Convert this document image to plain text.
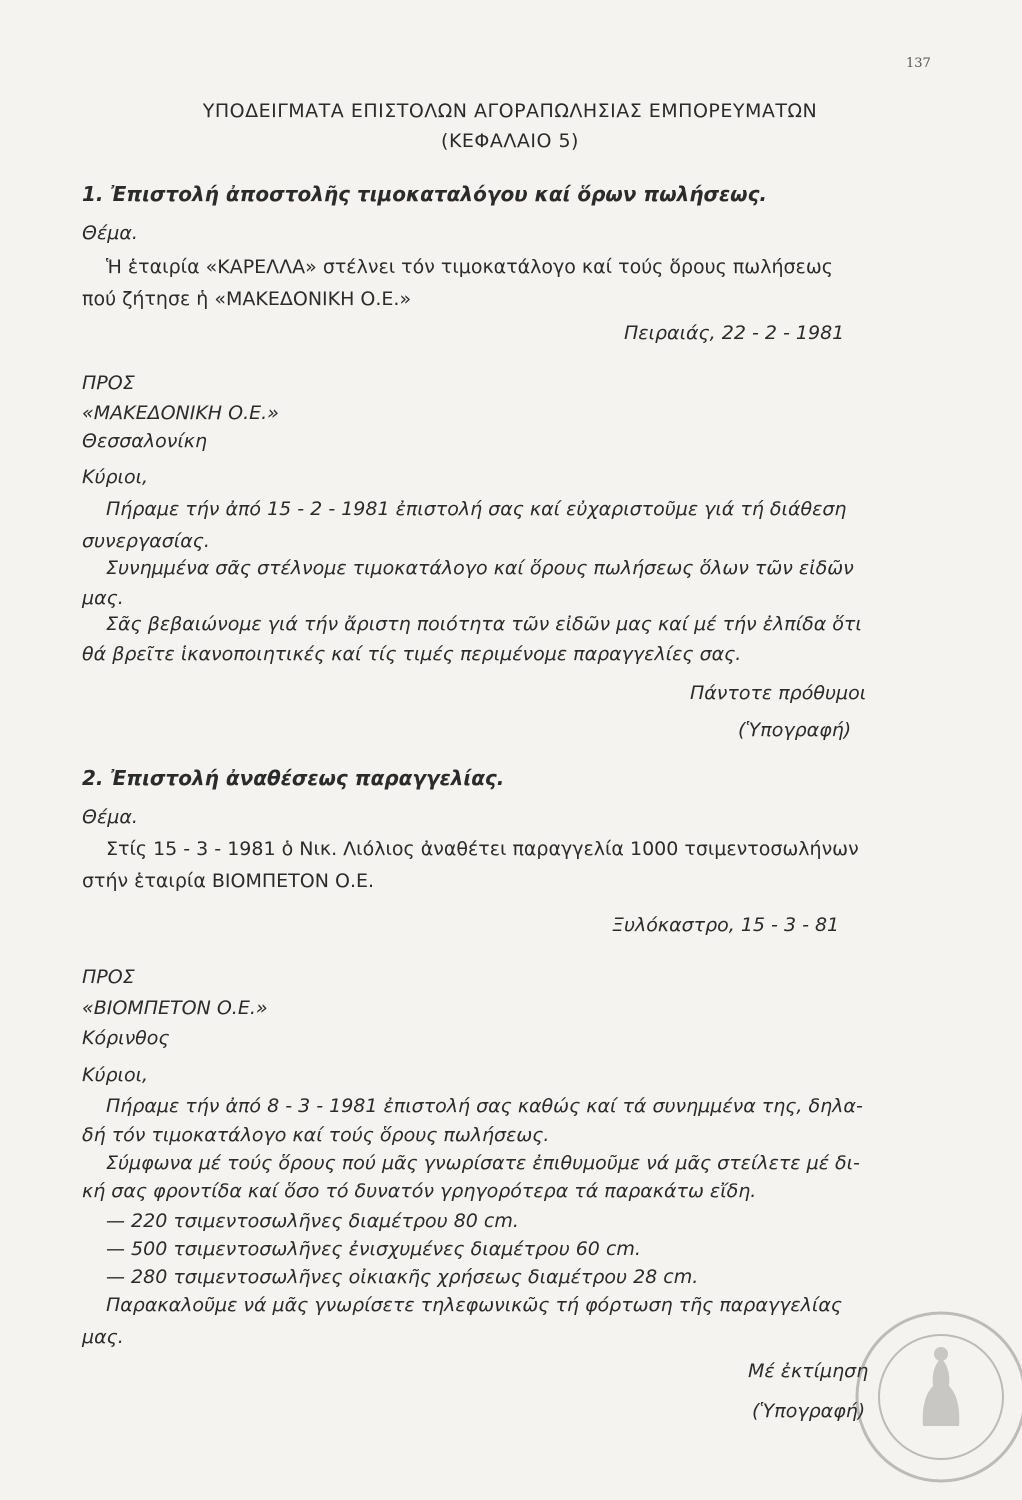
137
ΥΠΟΔΕΙΓΜΑΤΑ ΕΠΙΣΤΟΛΩΝ ΑΓΟΡΑΠΩΛΗΣΙΑΣ ΕΜΠΟΡΕΥΜΑΤΩΝ
(ΚΕΦΑΛΑΙΟ 5)
1. Ἐπιστολή ἀποστολῆς τιμοκαταλόγου καί ὅρων πωλήσεως.
Θέμα.
Ἡ ἑταιρία «ΚΑΡΕΛΛΑ» στέλνει τόν τιμοκατάλογο καί τούς ὅρους πωλήσεως
πού ζήτησε ἡ «ΜΑΚΕΔΟΝΙΚΗ Ο.Ε.»
Πειραιάς, 22 - 2 - 1981
ΠΡΟΣ
«ΜΑΚΕΔΟΝΙΚΗ Ο.Ε.»
Θεσσαλονίκη
Κύριοι,
Πήραμε τήν ἀπό 15 - 2 - 1981 ἐπιστολή σας καί εὐχαριστοῦμε γιά τή διάθεση
συνεργασίας.
Συνημμένα σᾶς στέλνομε τιμοκατάλογο καί ὅρους πωλήσεως ὅλων τῶν εἰδῶν
μας.
Σᾶς βεβαιώνομε γιά τήν ἄριστη ποιότητα τῶν εἰδῶν μας καί μέ τήν ἐλπίδα ὅτι
θά βρεῖτε ἱκανοποιητικές καί τίς τιμές περιμένομε παραγγελίες σας.
Πάντοτε πρόθυμοι
(Ὑπογραφή)
2. Ἐπιστολή ἀναθέσεως παραγγελίας.
Θέμα.
Στίς 15 - 3 - 1981 ὁ Νικ. Λιόλιος ἀναθέτει παραγγελία 1000 τσιμεντοσωλήνων
στήν ἑταιρία ΒΙΟΜΠΕΤΟΝ Ο.Ε.
Ξυλόκαστρο, 15 - 3 - 81
ΠΡΟΣ
«ΒΙΟΜΠΕΤΟΝ Ο.Ε.»
Κόρινθος
Κύριοι,
Πήραμε τήν ἀπό 8 - 3 - 1981 ἐπιστολή σας καθώς καί τά συνημμένα της, δηλα-
δή τόν τιμοκατάλογο καί τούς ὅρους πωλήσεως.
Σύμφωνα μέ τούς ὅρους πού μᾶς γνωρίσατε ἐπιθυμοῦμε νά μᾶς στείλετε μέ δι-
κή σας φροντίδα καί ὅσο τό δυνατόν γρηγορότερα τά παρακάτω εἴδη.
— 220 τσιμεντοσωλῆνες διαμέτρου 80 cm.
— 500 τσιμεντοσωλῆνες ἐνισχυμένες διαμέτρου 60 cm.
— 280 τσιμεντοσωλῆνες οἰκιακῆς χρήσεως διαμέτρου 28 cm.
Παρακαλοῦμε νά μᾶς γνωρίσετε τηλεφωνικῶς τή φόρτωση τῆς παραγγελίας
μας.
Μέ ἐκτίμηση
(Ὑπογραφή)
